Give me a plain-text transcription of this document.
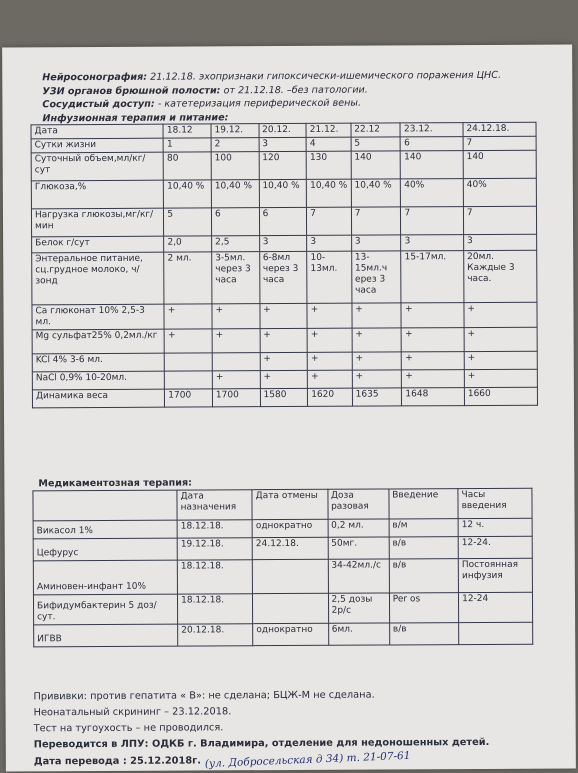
Нейросонография: 21.12.18. эхопризнаки гипоксически-ишемического поражения ЦНС.
УЗИ органов брюшной полости: от 21.12.18. –без патологии.
Сосудистый доступ: - катетеризация периферической вены.
Инфузионная терапия и питание:
Дата	18.12	19.12.	20.12.	21.12.	22.12	23.12.	24.12.18.
Сутки жизни	1	2	3	4	5	6	7
Суточный объем,мл/кг/сут	80	100	120	130	140	140	140
Глюкоза,%	10,40 %	10,40 %	10,40 %	10,40 %	10,40 %	40%	40%
Нагрузка глюкозы,мг/кг/мин	5	6	6	7	7	7	7
Белок г/сут	2,0	2,5	3	3	3	3	3
Энтеральное питание, сц.грудное молоко, ч/зонд	2 мл.	3-5мл. через 3 часа	6-8мл через 3 часа	10-13мл.	13-15мл.ч ерез 3 часа	15-17мл.	20мл. Каждые 3 часа.
Са глюконат 10% 2,5-3 мл.	+	+	+	+	+	+	+
Mg сульфат25% 0,2мл./кг	+	+	+	+	+	+	+
KCl 4% 3-6 мл.			+	+	+	+	+
NaCl 0,9% 10-20мл.		+	+	+	+	+	+
Динамика веса	1700	1700	1580	1620	1635	1648	1660
Медикаментозная терапия:
	Дата назначения	Дата отмены	Доза разовая	Введение	Часы введения
Викасол 1%	18.12.18.	однократно	0,2 мл.	в/м	12 ч.
Цефурус	19.12.18.	24.12.18.	50мг.	в/в	12-24.
Аминовен-инфант 10%	18.12.18.		34-42мл./с	в/в	Постоянная инфузия
Бифидумбактерин 5 доз/сут.	18.12.18.		2,5 дозы 2р/с	Per os	12-24
ИГВВ	20.12.18.	однократно	6мл.	в/в	
Прививки: против гепатита « В»: не сделана; БЦЖ-М не сделана.
Неонатальный скрининг – 23.12.2018.
Тест на тугоухость – не проводился.
Переводится в ЛПУ: ОДКБ г. Владимира, отделение для недоношенных детей.
Дата перевода : 25.12.2018г. (ул. Добросельская д 34) т. 21-07-61
